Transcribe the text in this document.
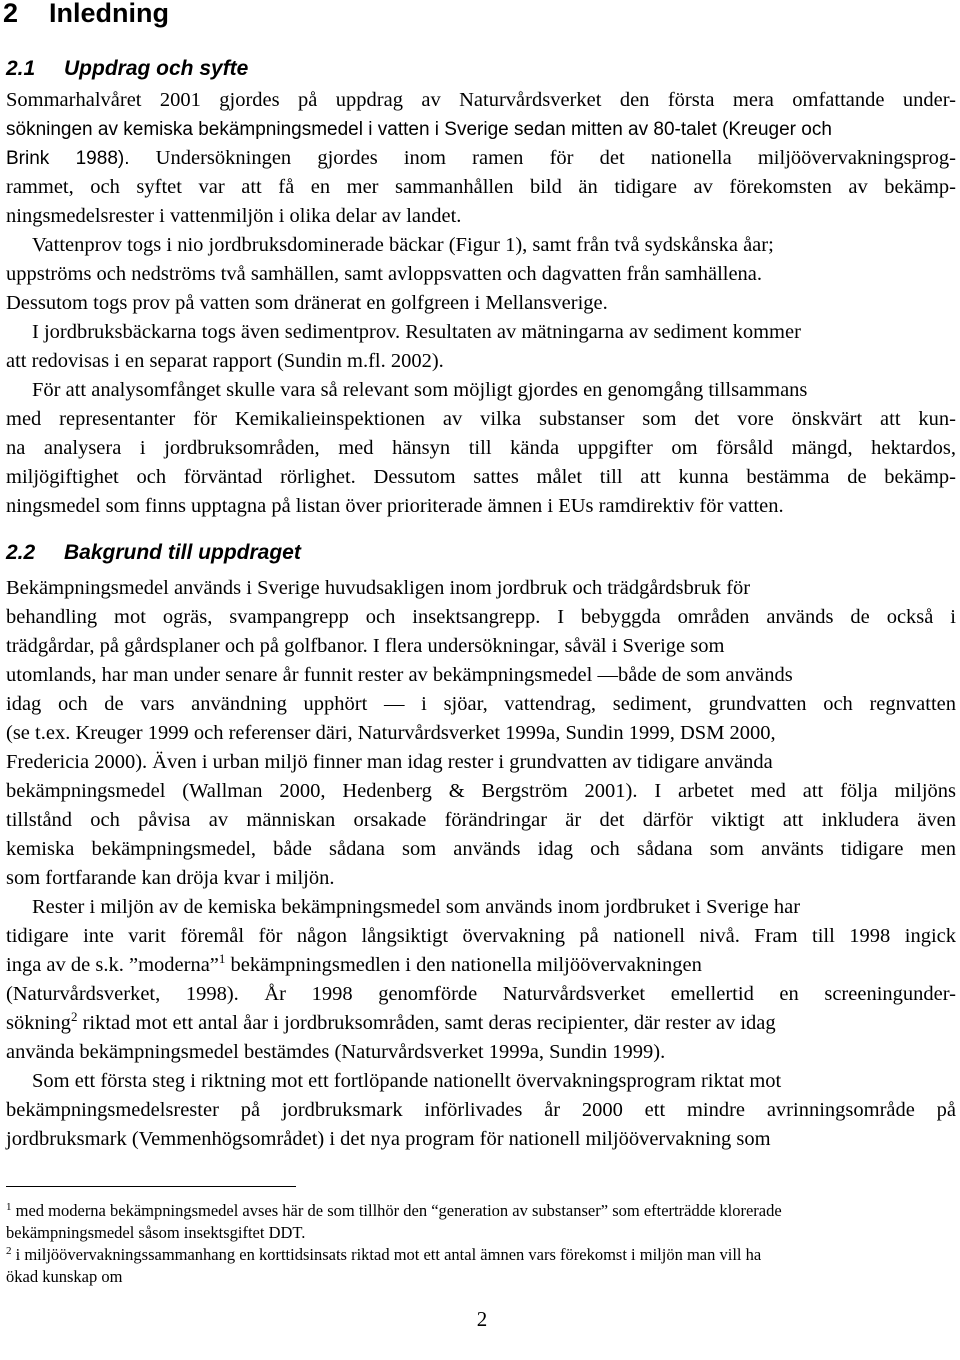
2 Inledning
2.1 Uppdrag och syfte
Sommarhalvåret 2001 gjordes på uppdrag av Naturvårdsverket den första mera omfattande under-
sökningen av kemiska bekämpningsmedel i vatten i Sverige sedan mitten av 80-talet (Kreuger och
Brink 1988). Undersökningen gjordes inom ramen för det nationella miljöövervakningsprog-
rammet, och syftet var att få en mer sammanhållen bild än tidigare av förekomsten av bekämp-
ningsmedelsrester i vattenmiljön i olika delar av landet.
Vattenprov togs i nio jordbruksdominerade bäckar (Figur 1), samt från två sydskånska åar;
uppströms och nedströms två samhällen, samt avloppsvatten och dagvatten från samhällena.
Dessutom togs prov på vatten som dränerat en golfgreen i Mellansverige.
I jordbruksbäckarna togs även sedimentprov. Resultaten av mätningarna av sediment kommer
att redovisas i en separat rapport (Sundin m.fl. 2002).
För att analysomfånget skulle vara så relevant som möjligt gjordes en genomgång tillsammans
med representanter för Kemikalieinspektionen av vilka substanser som det vore önskvärt att kun-
na analysera i jordbruksområden, med hänsyn till kända uppgifter om försåld mängd, hektardos,
miljögiftighet och förväntad rörlighet. Dessutom sattes målet till att kunna bestämma de bekämp-
ningsmedel som finns upptagna på listan över prioriterade ämnen i EUs ramdirektiv för vatten.
2.2 Bakgrund till uppdraget
Bekämpningsmedel används i Sverige huvudsakligen inom jordbruk och trädgårdsbruk för
behandling mot ogräs, svampangrepp och insektsangrepp. I bebyggda områden används de också i
trädgårdar, på gårdsplaner och på golfbanor. I flera undersökningar, såväl i Sverige som
utomlands, har man under senare år funnit rester av bekämpningsmedel —både de som används
idag och de vars användning upphört — i sjöar, vattendrag, sediment, grundvatten och regnvatten
(se t.ex. Kreuger 1999 och referenser däri, Naturvårdsverket 1999a, Sundin 1999, DSM 2000,
Fredericia 2000). Även i urban miljö finner man idag rester i grundvatten av tidigare använda
bekämpningsmedel (Wallman 2000, Hedenberg & Bergström 2001). I arbetet med att följa miljöns
tillstånd och påvisa av människan orsakade förändringar är det därför viktigt att inkludera även
kemiska bekämpningsmedel, både sådana som används idag och sådana som använts tidigare men
som fortfarande kan dröja kvar i miljön.
Rester i miljön av de kemiska bekämpningsmedel som används inom jordbruket i Sverige har
tidigare inte varit föremål för någon långsiktigt övervakning på nationell nivå. Fram till 1998 ingick
inga av de s.k. ”moderna”$^1$ bekämpningsmedlen i den nationella miljöövervakningen
(Naturvårdsverket, 1998). År 1998 genomförde Naturvårdsverket emellertid en screeningunder-
sökning$^2$ riktad mot ett antal åar i jordbruksområden, samt deras recipienter, där rester av idag
använda bekämpningsmedel bestämdes (Naturvårdsverket 1999a, Sundin 1999).
Som ett första steg i riktning mot ett fortlöpande nationellt övervakningsprogram riktat mot
bekämpningsmedelsrester på jordbruksmark införlivades år 2000 ett mindre avrinningsområde på
jordbruksmark (Vemmenhögsområdet) i det nya program för nationell miljöövervakning som
$^1$ med moderna bekämpningsmedel avses här de som tillhör den “generation av substanser” som efterträdde klorerade
bekämpningsmedel såsom insektsgiftet DDT.
$^2$ i miljöövervakningssammanhang en korttidsinsats riktad mot ett antal ämnen vars förekomst i miljön man vill ha
ökad kunskap om
2
